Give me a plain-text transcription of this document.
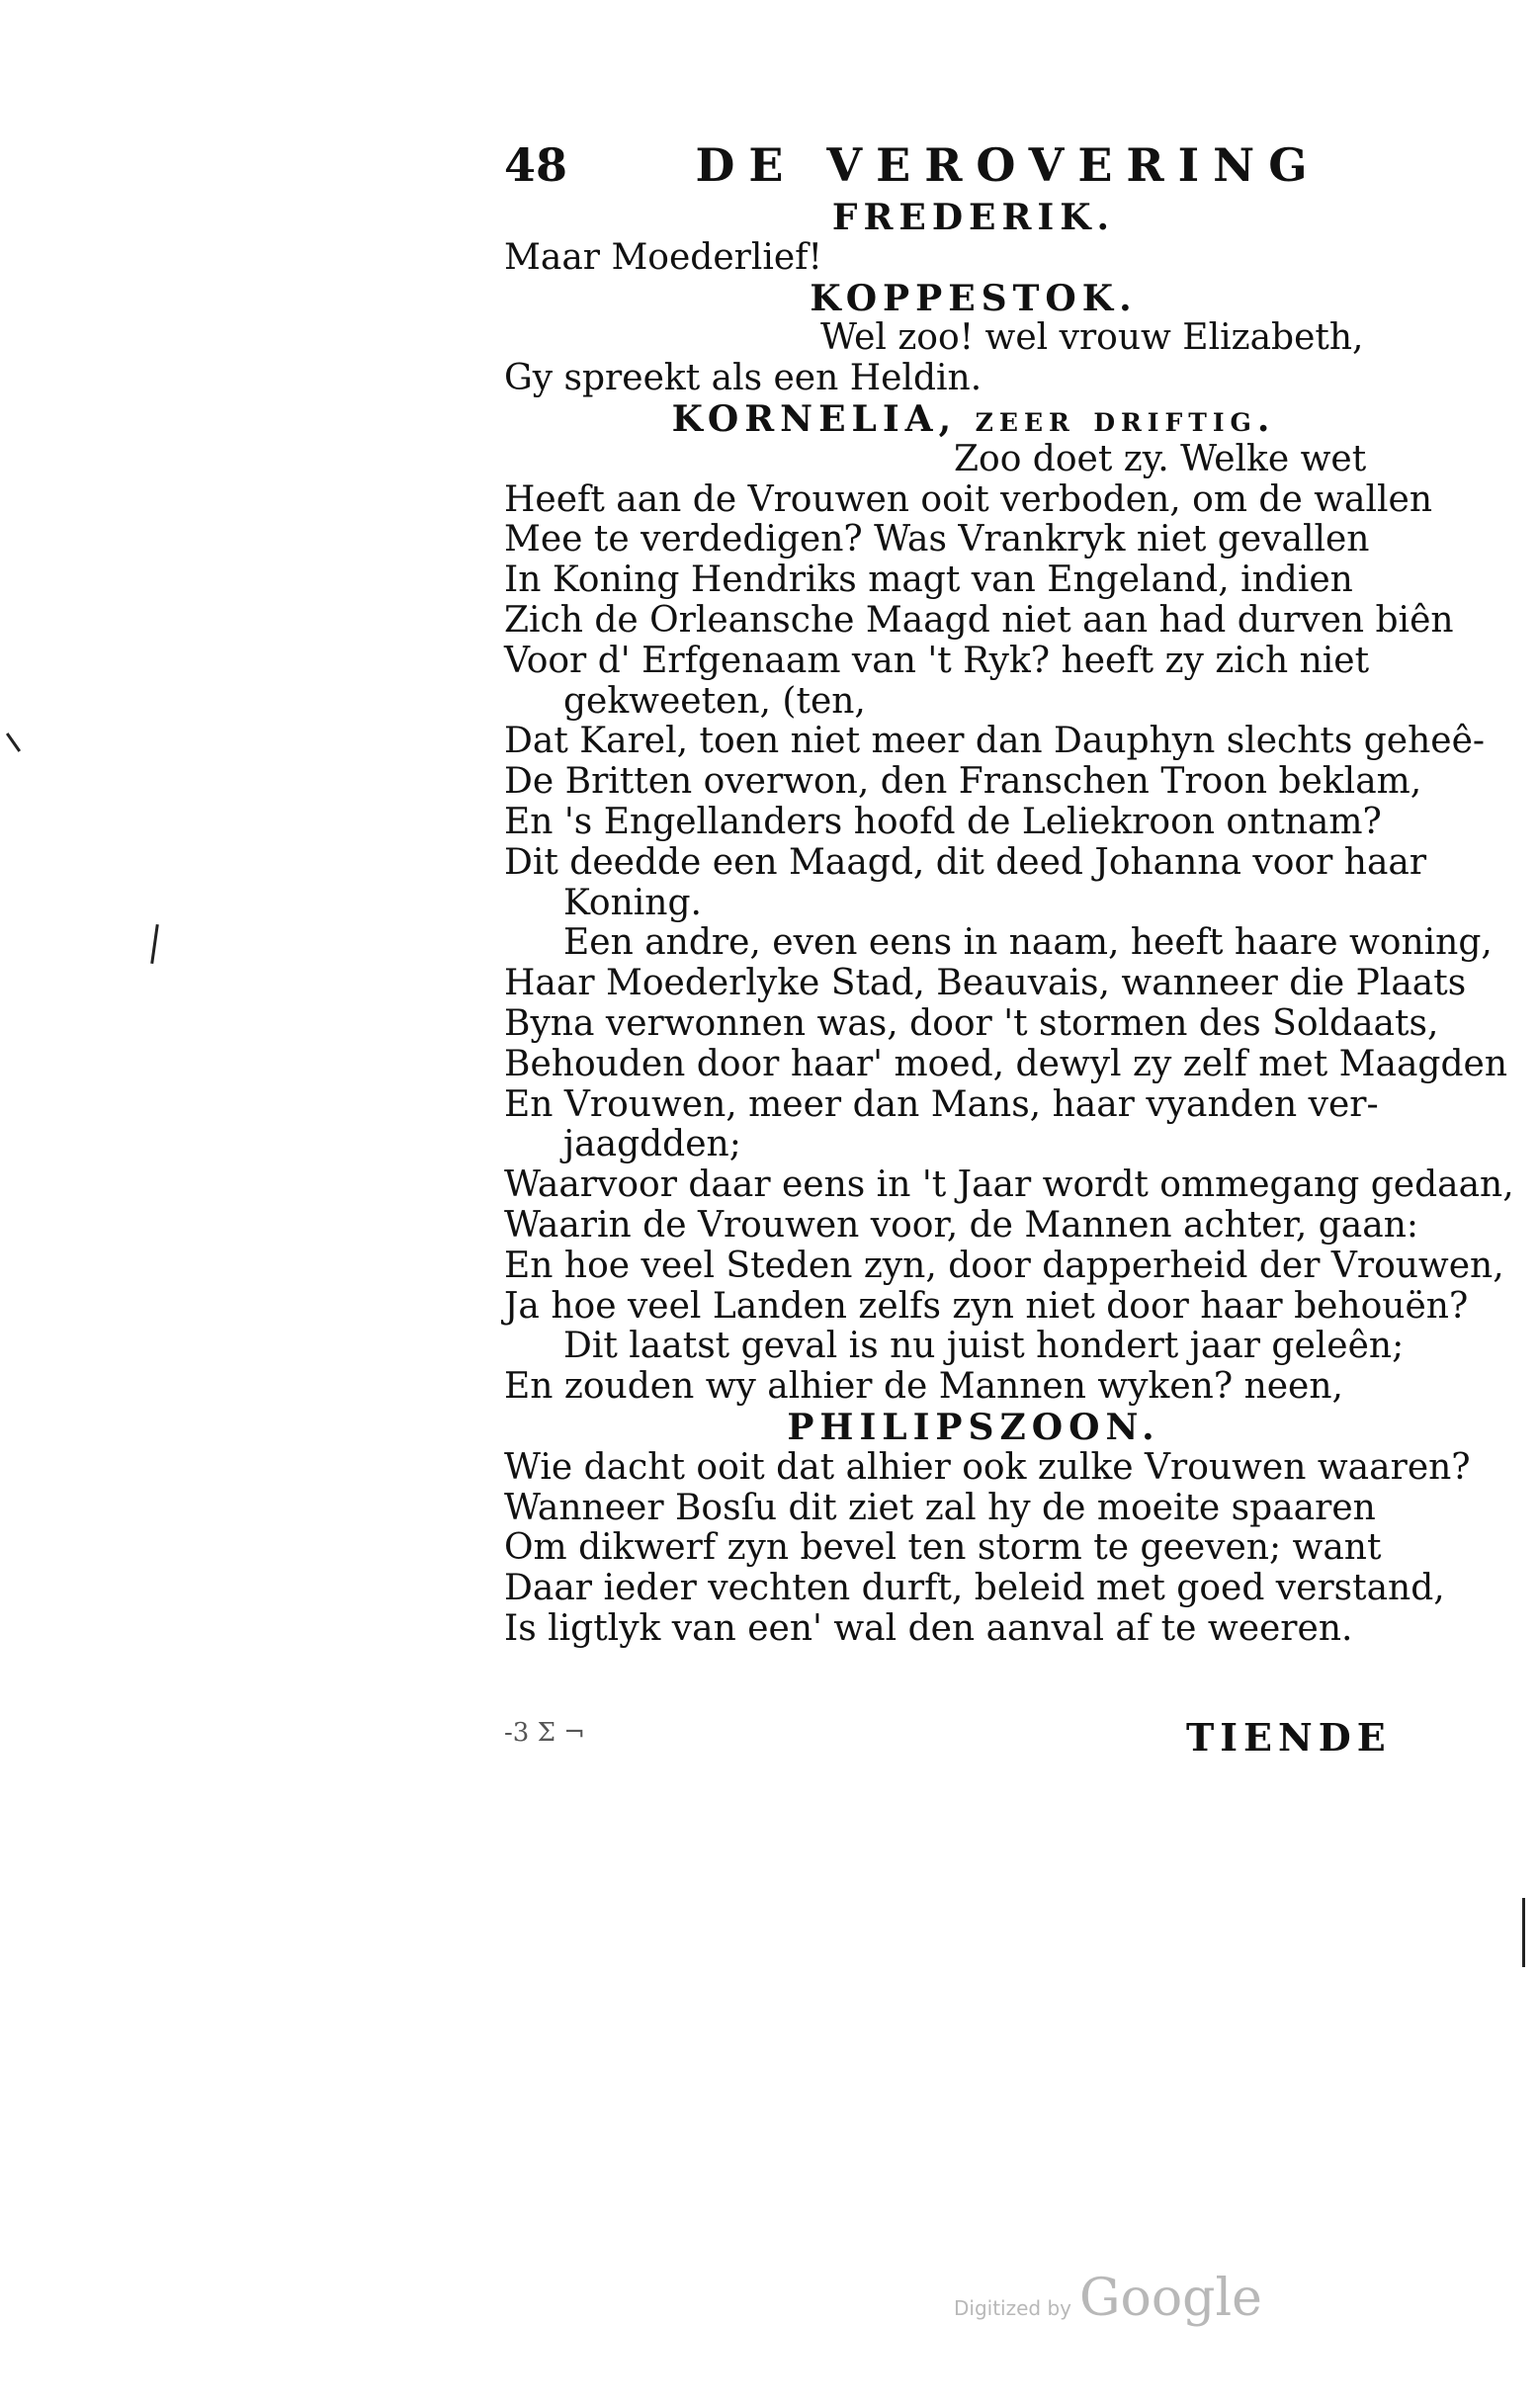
48	DE VEROVERING
FREDERIK.
Maar Moederlief!
KOPPESTOK.
Wel zoo! wel vrouw Elizabeth,
Gy spreekt als een Heldin.
KORNELIA, zeer driftig.
Zoo doet zy. Welke wet
Heeft aan de Vrouwen ooit verboden, om de wallen
Mee te verdedigen? Was Vrankryk niet gevallen
In Koning Hendriks magt van Engeland, indien
Zich de Orleansche Maagd niet aan had durven biên
Voor d' Erfgenaam van 't Ryk? heeft zy zich niet
gekweeten, (ten,
Dat Karel, toen niet meer dan Dauphyn slechts geheê-
De Britten overwon, den Franschen Troon beklam,
En 's Engellanders hoofd de Leliekroon ontnam?
Dit deedde een Maagd, dit deed Johanna voor haar
Koning.
Een andre, even eens in naam, heeft haare woning,
Haar Moederlyke Stad, Beauvais, wanneer die Plaats
Byna verwonnen was, door 't stormen des Soldaats,
Behouden door haar' moed, dewyl zy zelf met Maagden
En Vrouwen, meer dan Mans, haar vyanden ver-
jaagdden;
Waarvoor daar eens in 't Jaar wordt ommegang gedaan,
Waarin de Vrouwen voor, de Mannen achter, gaan:
En hoe veel Steden zyn, door dapperheid der Vrouwen,
Ja hoe veel Landen zelfs zyn niet door haar behouën?
Dit laatst geval is nu juist hondert jaar geleên;
En zouden wy alhier de Mannen wyken? neen,
PHILIPSZOON.
Wie dacht ooit dat alhier ook zulke Vrouwen waaren?
Wanneer Bosſu dit ziet zal hy de moeite spaaren
Om dikwerf zyn bevel ten storm te geeven; want
Daar ieder vechten durft, beleid met goed verstand,
Is ligtlyk van een' wal den aanval af te weeren.
-3 Σ ¬	TIENDE
Digitized by Google
